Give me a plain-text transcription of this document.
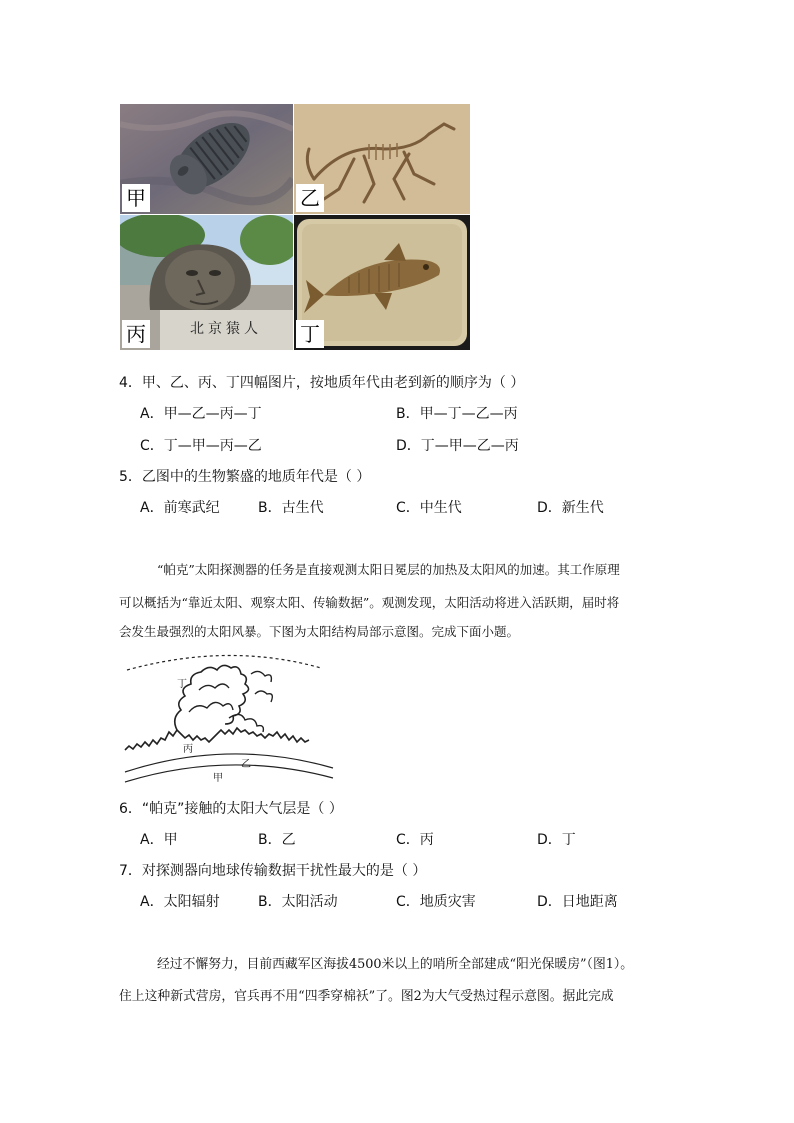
甲	乙
北京猿人
丙	丁
4．甲、乙、丙、丁四幅图片，按地质年代由老到新的顺序为（ ）
A．甲—乙—丙—丁	B．甲—丁—乙—丙
C．丁—甲—丙—乙	D．丁—甲—乙—丙
5．乙图中的生物繁盛的地质年代是（ ）
A．前寒武纪	B．古生代	C．中生代	D．新生代
“帕克”太阳探测器的任务是直接观测太阳日冕层的加热及太阳风的加速。其工作原理
可以概括为“靠近太阳、观察太阳、传输数据”。观测发现，太阳活动将进入活跃期，届时将
会发生最强烈的太阳风暴。下图为太阳结构局部示意图。完成下面小题。
丁
丙
乙
甲
6．“帕克”接触的太阳大气层是（ ）
A．甲	B．乙	C．丙	D．丁
7．对探测器向地球传输数据干扰性最大的是（ ）
A．太阳辐射	B．太阳活动	C．地质灾害	D．日地距离
经过不懈努力，目前西藏军区海拔4500米以上的哨所全部建成“阳光保暖房”（图1）。
住上这种新式营房，官兵再不用“四季穿棉袄”了。图2为大气受热过程示意图。据此完成
